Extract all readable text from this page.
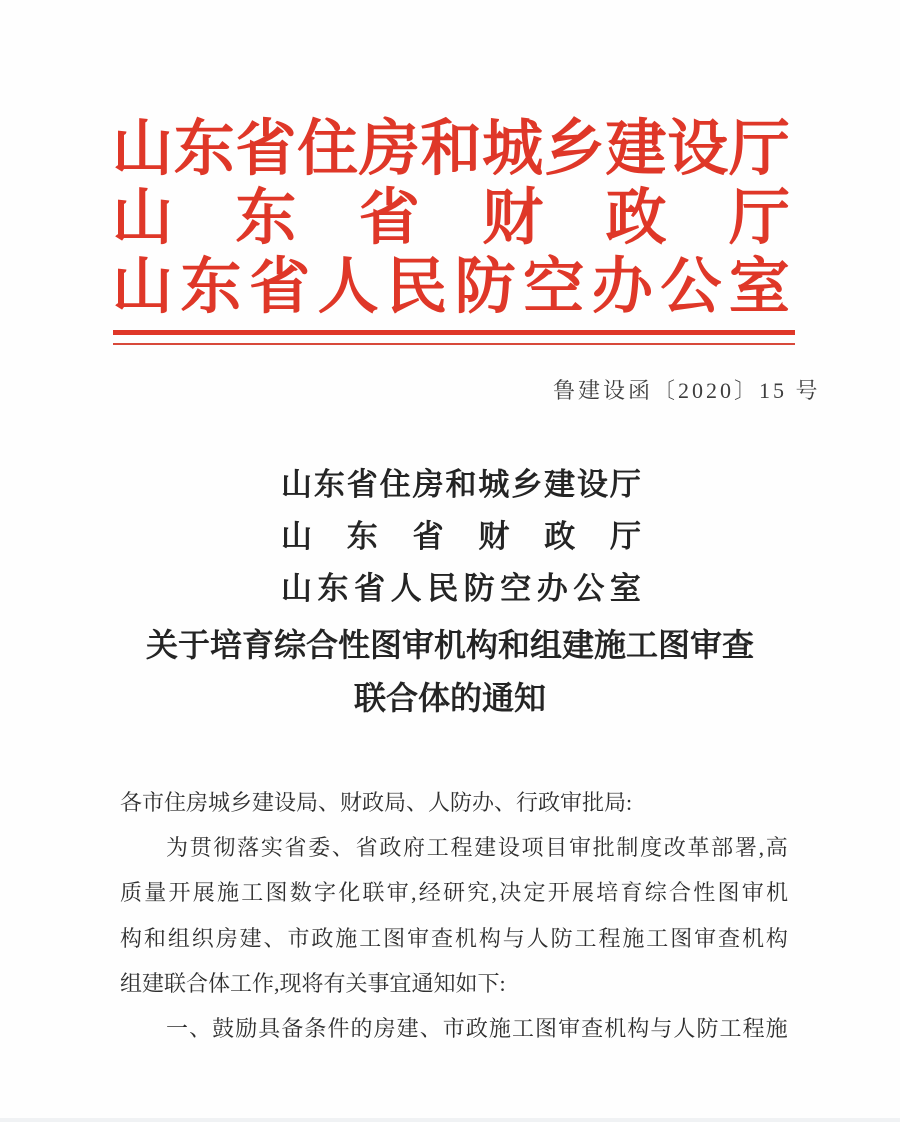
山 东 省 住 房 和 城 乡 建 设 厅
山 东 省 财 政 厅
山 东 省 人 民 防 空 办 公 室
鲁建设函〔2020〕15 号
山 东 省 住 房 和 城 乡 建 设 厅
山 东 省 财 政 厅
山 东 省 人 民 防 空 办 公 室
关于培育综合性图审机构和组建施工图审查
联合体的通知
各市住房城乡建设局、财政局、人防办、行政审批局:
为 贯 彻 落 实 省 委 、 省 政 府 工 程 建 设 项 目 审 批 制 度 改 革 部 署 , 高
质 量 开 展 施 工 图 数 字 化 联 审 , 经 研 究 , 决 定 开 展 培 育 综 合 性 图 审 机
构 和 组 织 房 建 、 市 政 施 工 图 审 查 机 构 与 人 防 工 程 施 工 图 审 查 机 构
组建联合体工作,现将有关事宜通知如下:
一 、 鼓 励 具 备 条 件 的 房 建 、 市 政 施 工 图 审 查 机 构 与 人 防 工 程 施
